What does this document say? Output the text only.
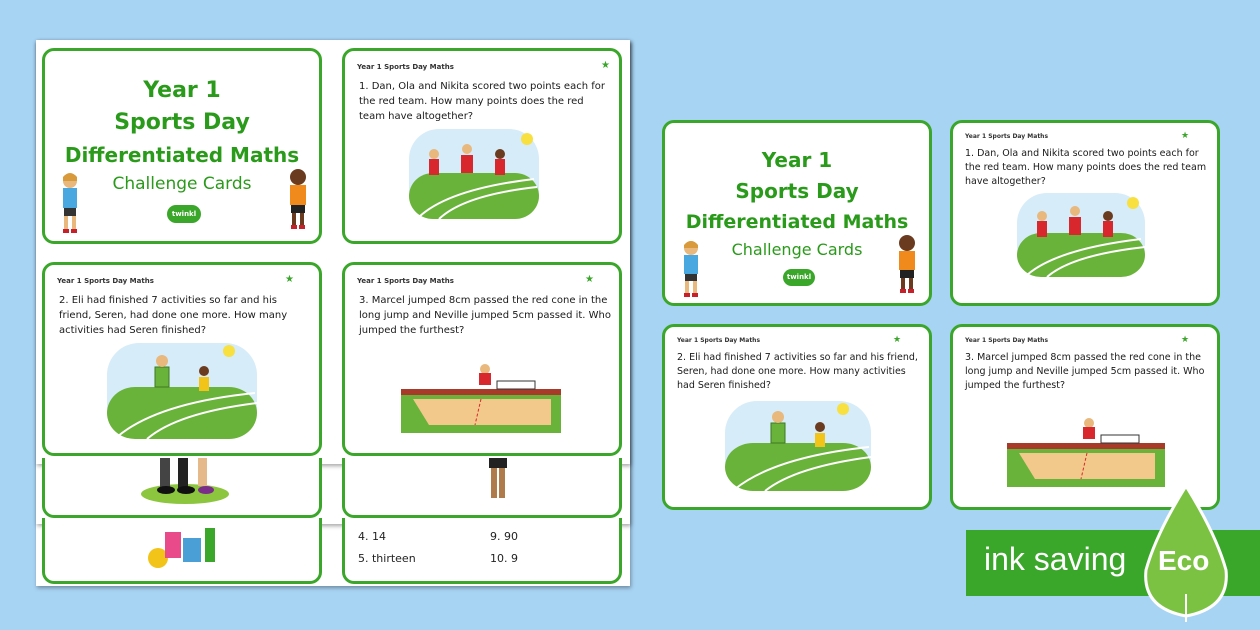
4. 14
5. thirteen
9. 90
10. 9
Year 1
Sports Day
Differentiated Maths
Challenge Cards
twinkl
Year 1 Sports Day Maths	★
1. Dan, Ola and Nikita scored two points each for the red team. How many points does the red team have altogether?
Year 1 Sports Day Maths	★
2. Eli had finished 7 activities so far and his friend, Seren, had done one more. How many activities had Seren finished?
Year 1 Sports Day Maths	★
3. Marcel jumped 8cm passed the red cone in the long jump and Neville jumped 5cm passed it. Who jumped the furthest?
Year 1
Sports Day
Differentiated Maths
Challenge Cards
twinkl
Year 1 Sports Day Maths	★
1. Dan, Ola and Nikita scored two points each for the red team. How many points does the red team have altogether?
Year 1 Sports Day Maths	★
2. Eli had finished 7 activities so far and his friend, Seren, had done one more. How many activities had Seren finished?
Year 1 Sports Day Maths	★
3. Marcel jumped 8cm passed the red cone in the long jump and Neville jumped 5cm passed it. Who jumped the furthest?
ink saving Eco
